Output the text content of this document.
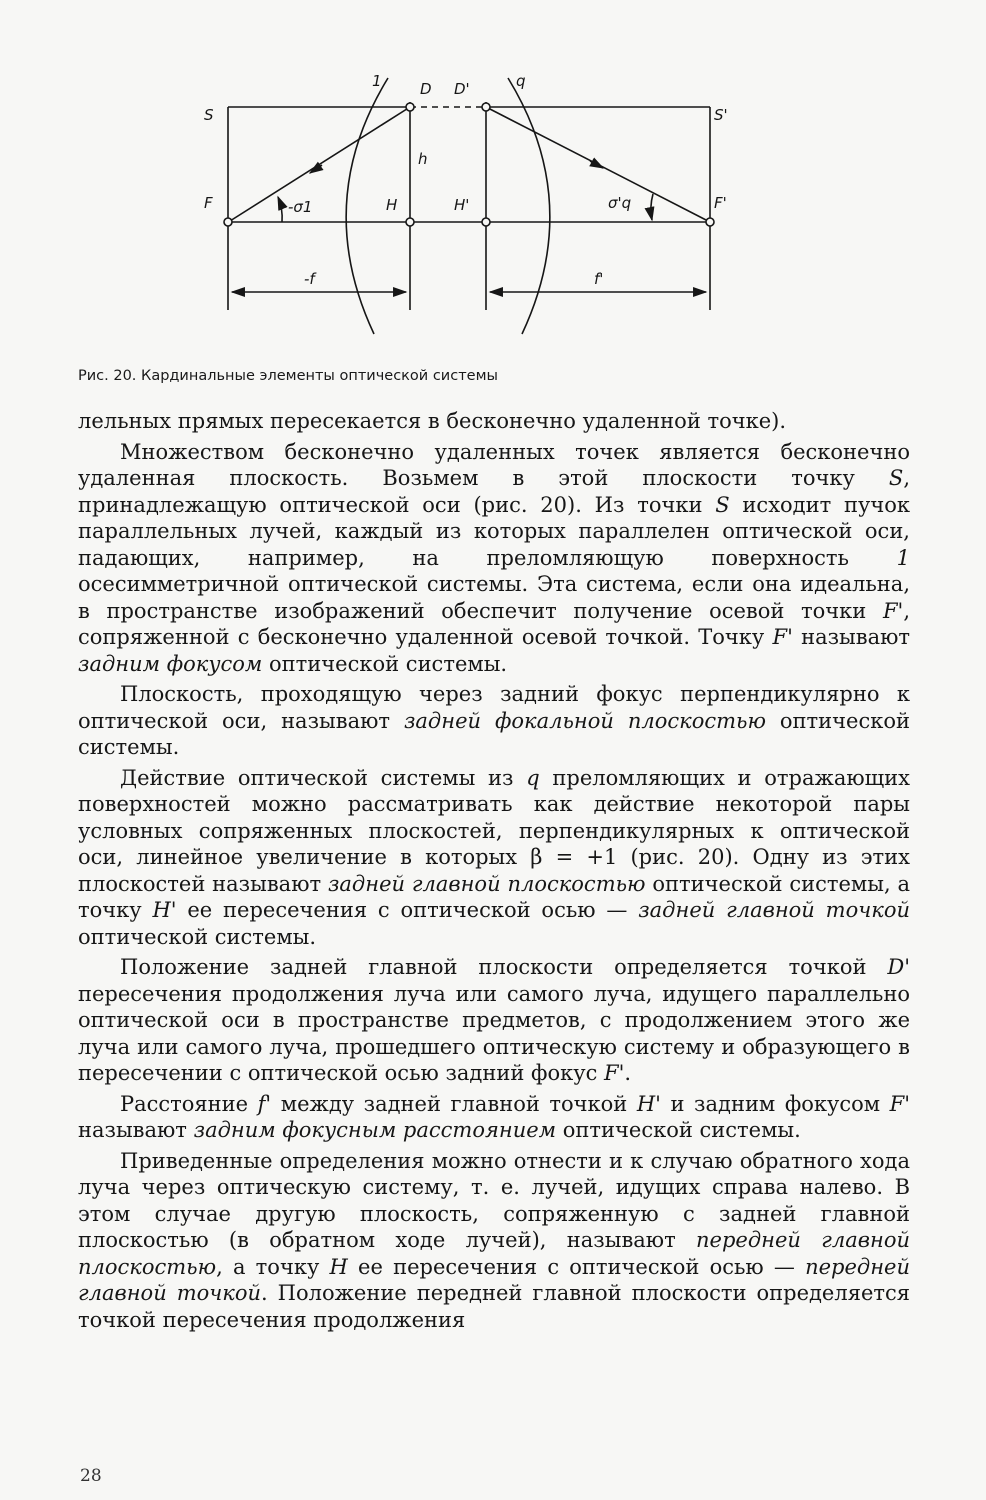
1	D D'	q
S	S'
h
F	F'
H	H'
-σ1	σ'q
-f	f'
Рис. 20. Кардинальные элементы оптической системы

лельных прямых пересекается в бесконечно удаленной точке).

Множеством бесконечно удаленных точек является бесконечно удаленная плоскость. Возьмем в этой плоскости точку S, принадлежащую оптической оси (рис. 20). Из точки S исходит пучок параллельных лучей, каждый из которых параллелен оптической оси, падающих, например, на преломляющую поверхность 1 осесимметричной оптической системы. Эта система, если она идеальна, в пространстве изображений обеспечит получение осевой точки F', сопряженной с бесконечно удаленной осевой точкой. Точку F' называют задним фокусом оптической системы.

Плоскость, проходящую через задний фокус перпендикулярно к оптической оси, называют задней фокальной плоскостью оптической системы.

Действие оптической системы из q преломляющих и отражающих поверхностей можно рассматривать как действие некоторой пары условных сопряженных плоскостей, перпендикулярных к оптической оси, линейное увеличение в которых β = +1 (рис. 20). Одну из этих плоскостей называют задней главной плоскостью оптической системы, а точку H' ее пересечения с оптической осью — задней главной точкой оптической системы.

Положение задней главной плоскости определяется точкой D' пересечения продолжения луча или самого луча, идущего параллельно оптической оси в пространстве предметов, с продолжением этого же луча или самого луча, прошедшего оптическую систему и образующего в пересечении с оптической осью задний фокус F'.

Расстояние f' между задней главной точкой H' и задним фокусом F' называют задним фокусным расстоянием оптической системы.

Приведенные определения можно отнести и к случаю обратного хода луча через оптическую систему, т. е. лучей, идущих справа налево. В этом случае другую плоскость, сопряженную с задней главной плоскостью (в обратном ходе лучей), называют передней главной плоскостью, а точку H ее пересечения с оптической осью — передней главной точкой. Положение передней главной плоскости определяется точкой пересечения продолжения

28
